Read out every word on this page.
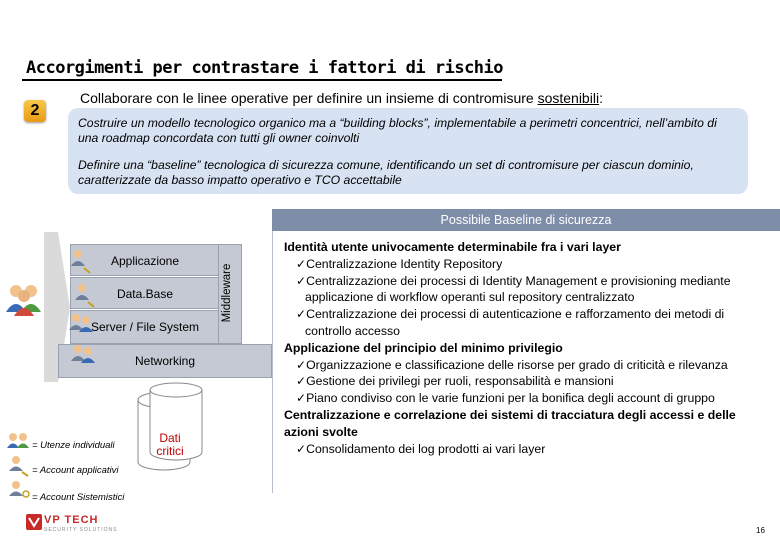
Accorgimenti per contrastare i fattori di rischio
2
Collaborare con le linee operative per definire un insieme di contromisure sostenibili:
Costruire un modello tecnologico organico ma a “building blocks”, implementabile a perimetri concentrici, nell’ambito di una roadmap concordata con tutti gli owner coinvolti
Definire una “baseline” tecnologica di sicurezza comune, identificando un set di contromisure per ciascun dominio, caratterizzate da basso impatto operativo e TCO accettabile
Applicazione
Data.Base
Server / File System
Middleware
Networking
Dati critici
= Utenze individuali
= Account applicativi
= Account Sistemistici
Possibile Baseline di sicurezza
Identità utente univocamente determinabile fra i vari layer
✓Centralizzazione Identity Repository
✓Centralizzazione dei processi di Identity Management e provisioning mediante applicazione di workflow operanti sul repository centralizzato
✓Centralizzazione dei processi di autenticazione e rafforzamento dei metodi di controllo accesso
Applicazione del principio del minimo privilegio
✓Organizzazione e classificazione delle risorse per grado di criticità e rilevanza
✓Gestione dei privilegi per ruoli, responsabilità e mansioni
✓Piano condiviso con le varie funzioni per la bonifica degli account di gruppo
Centralizzazione e correlazione dei sistemi di tracciatura degli accessi e delle azioni svolte
✓Consolidamento dei log prodotti ai vari layer
VP TECH
SECURITY SOLUTIONS	16
